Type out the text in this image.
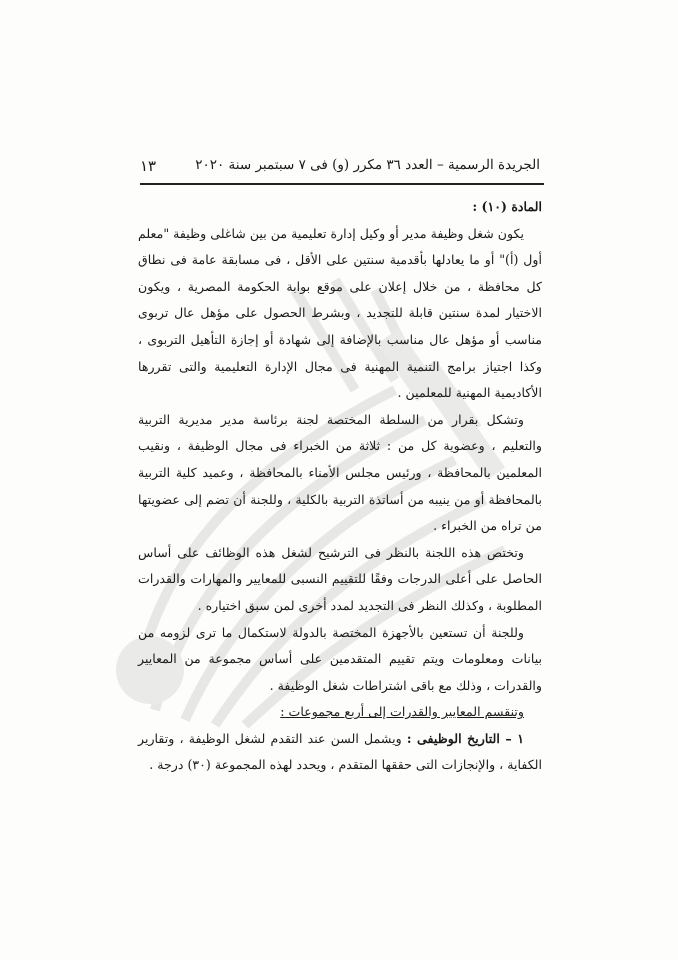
الجريدة الرسمية – العدد ٣٦ مكرر (و) فى ٧ سبتمبر سنة ٢٠٢٠
١٣
المادة (١٠) :

يكون شغل وظيفة مدير أو وكيل إدارة تعليمية من بين شاغلى وظيفة "معلم أول (أ)" أو ما يعادلها بأقدمية سنتين على الأقل ، فى مسابقة عامة فى نطاق كل محافظة ، من خلال إعلان على موقع بوابة الحكومة المصرية ، ويكون الاختيار لمدة سنتين قابلة للتجديد ، وبشرط الحصول على مؤهل عال تربوى مناسب أو مؤهل عال مناسب بالإضافة إلى شهادة أو إجازة التأهيل التربوى ، وكذا اجتياز برامج التنمية المهنية فى مجال الإدارة التعليمية والتى تقررها الأكاديمية المهنية للمعلمين .

وتشكل بقرار من السلطة المختصة لجنة برئاسة مدير مديرية التربية والتعليم ، وعضوية كل من : ثلاثة من الخبراء فى مجال الوظيفة ، ونقيب المعلمين بالمحافظة ، ورئيس مجلس الأمناء بالمحافظة ، وعميد كلية التربية بالمحافظة أو من ينيبه من أساتذة التربية بالكلية ، وللجنة أن تضم إلى عضويتها من تراه من الخبراء .

وتختص هذه اللجنة بالنظر فى الترشيح لشغل هذه الوظائف على أساس الحاصل على أعلى الدرجات وفقًا للتقييم النسبى للمعايير والمهارات والقدرات المطلوبة ، وكذلك النظر فى التجديد لمدد أخرى لمن سبق اختياره .

وللجنة أن تستعين بالأجهزة المختصة بالدولة لاستكمال ما ترى لزومه من بيانات ومعلومات ويتم تقييم المتقدمين على أساس مجموعة من المعايير والقدرات ، وذلك مع باقى اشتراطات شغل الوظيفة .

وتنقسم المعايير والقدرات إلى أربع مجموعات :

١ – التاريخ الوظيفى : ويشمل السن عند التقدم لشغل الوظيفة ، وتقارير الكفاية ، والإنجازات التى حققها المتقدم ، ويحدد لهذه المجموعة (٣٠) درجة .
